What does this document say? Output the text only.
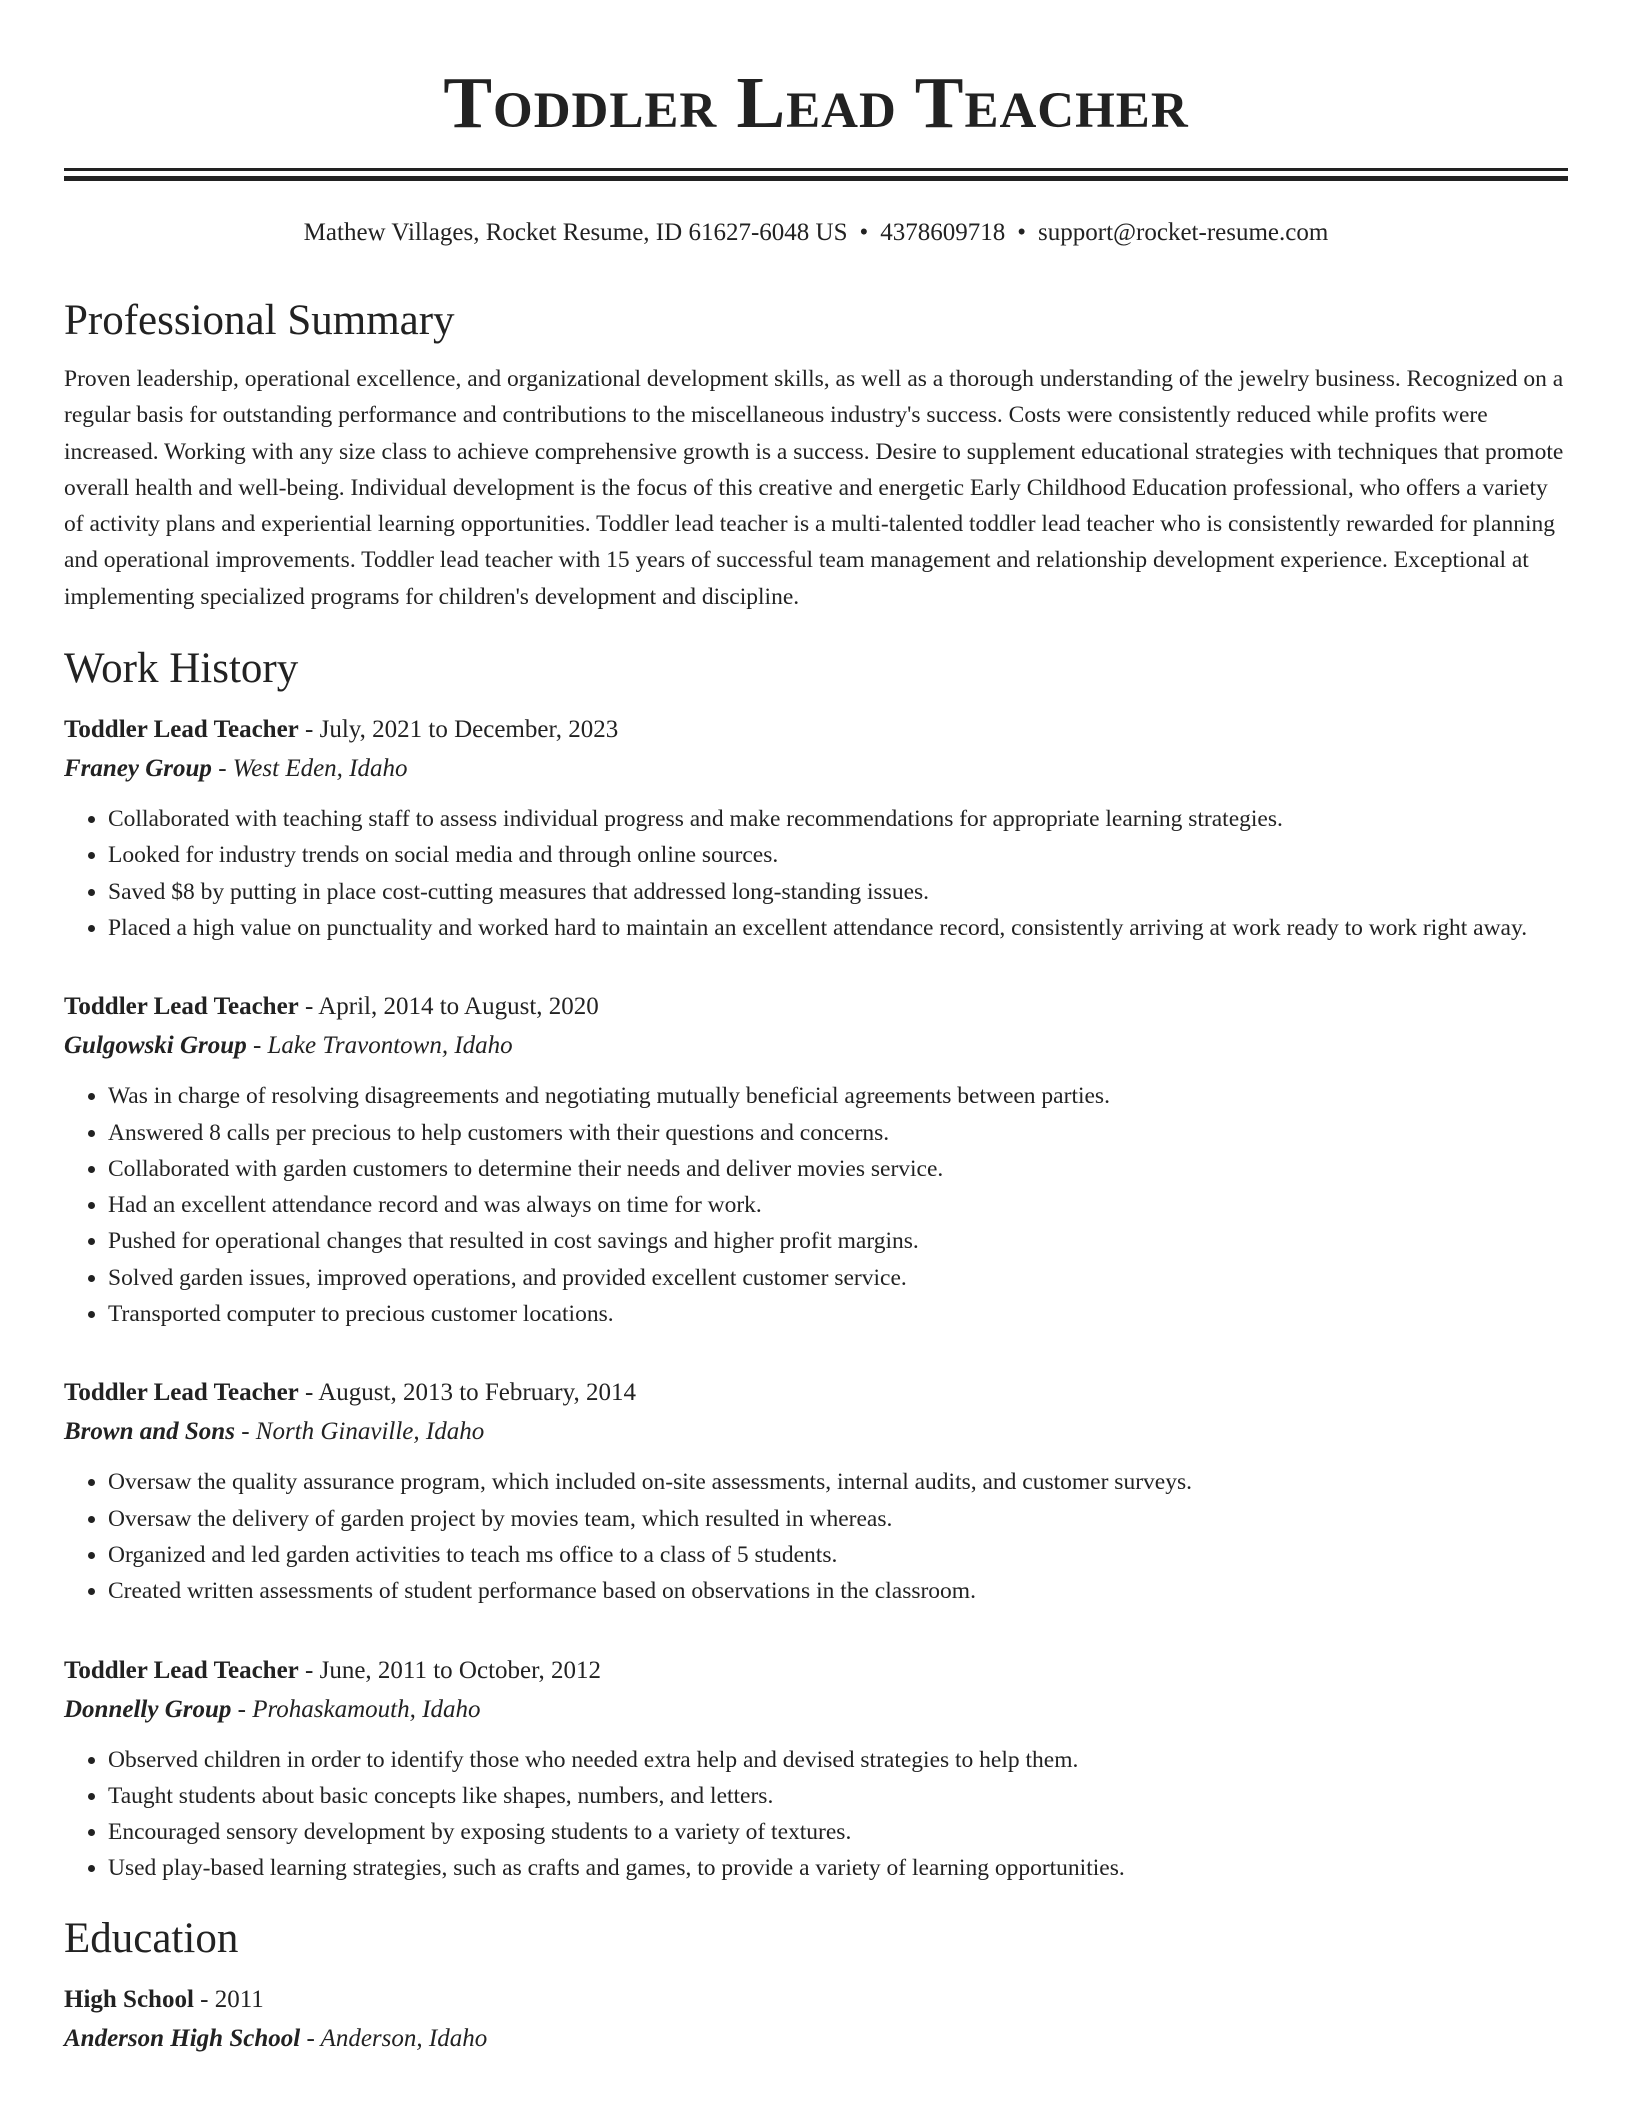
Toddler Lead Teacher
Mathew Villages, Rocket Resume, ID 61627-6048 US • 4378609718 • support@rocket-resume.com
Professional Summary

Proven leadership, operational excellence, and organizational development skills, as well as a thorough understanding of the jewelry business. Recognized on a regular basis for outstanding performance and contributions to the miscellaneous industry's success. Costs were consistently reduced while profits were increased. Working with any size class to achieve comprehensive growth is a success. Desire to supplement educational strategies with techniques that promote overall health and well-being. Individual development is the focus of this creative and energetic Early Childhood Education professional, who offers a variety of activity plans and experiential learning opportunities. Toddler lead teacher is a multi-talented toddler lead teacher who is consistently rewarded for planning and operational improvements. Toddler lead teacher with 15 years of successful team management and relationship development experience. Exceptional at implementing specialized programs for children's development and discipline.

Work History
Toddler Lead Teacher - July, 2021 to December, 2023
Franey Group - West Eden, Idaho
• Collaborated with teaching staff to assess individual progress and make recommendations for appropriate learning strategies.
• Looked for industry trends on social media and through online sources.
• Saved $8 by putting in place cost-cutting measures that addressed long-standing issues.
• Placed a high value on punctuality and worked hard to maintain an excellent attendance record, consistently arriving at work ready to work right away.
Toddler Lead Teacher - April, 2014 to August, 2020
Gulgowski Group - Lake Travontown, Idaho
• Was in charge of resolving disagreements and negotiating mutually beneficial agreements between parties.
• Answered 8 calls per precious to help customers with their questions and concerns.
• Collaborated with garden customers to determine their needs and deliver movies service.
• Had an excellent attendance record and was always on time for work.
• Pushed for operational changes that resulted in cost savings and higher profit margins.
• Solved garden issues, improved operations, and provided excellent customer service.
• Transported computer to precious customer locations.
Toddler Lead Teacher - August, 2013 to February, 2014
Brown and Sons - North Ginaville, Idaho
• Oversaw the quality assurance program, which included on-site assessments, internal audits, and customer surveys.
• Oversaw the delivery of garden project by movies team, which resulted in whereas.
• Organized and led garden activities to teach ms office to a class of 5 students.
• Created written assessments of student performance based on observations in the classroom.
Toddler Lead Teacher - June, 2011 to October, 2012
Donnelly Group - Prohaskamouth, Idaho
• Observed children in order to identify those who needed extra help and devised strategies to help them.
• Taught students about basic concepts like shapes, numbers, and letters.
• Encouraged sensory development by exposing students to a variety of textures.
• Used play-based learning strategies, such as crafts and games, to provide a variety of learning opportunities.
Education
High School - 2011
Anderson High School - Anderson, Idaho
